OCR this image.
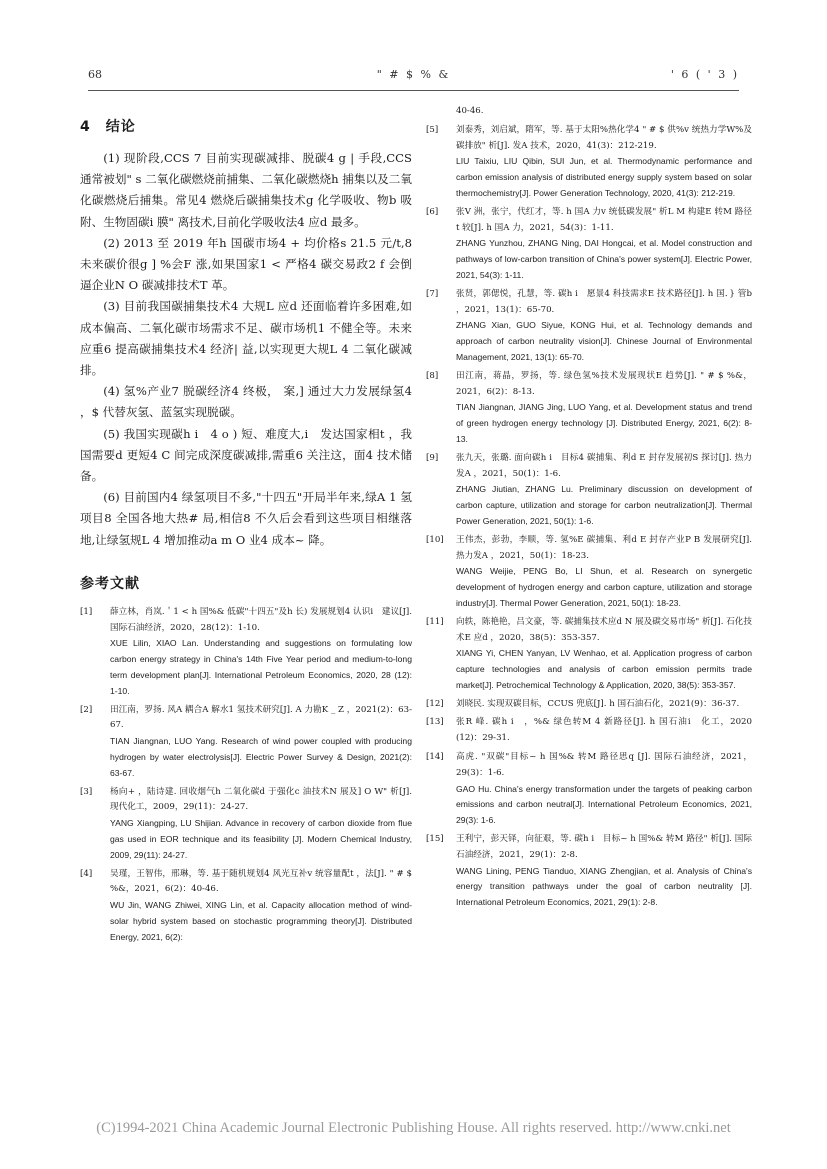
68	" # $ % &	' 6 ( ' 3 )
4　结论

(1) 现阶段,CCS 7 目前实现碳减排、脱碳4 g | 手段,CCS 通常被划" s 二氧化碳燃烧前捕集、二氧化碳燃烧h 捕集以及二氧化碳燃烧后捕集。常见4 燃烧后碳捕集技术g 化学吸收、物b 吸附、生物固碳i 膜" 离技术,目前化学吸收法4 应d 最多。

(2) 2013 至 2019 年h 国碳市场4 + 均价格s 21.5 元/t,8 未来碳价很g ] %会F 涨,如果国家1 < 严格4 碳交易政2 f 会倒逼企业N O 碳减排技术T 革。

(3) 目前我国碳捕集技术4 大规L 应d 还面临着许多困难,如成本偏高、二氧化碳市场需求不足、碳市场机1 不健全等。未来应重6 提高碳捕集技术4 经济| 益,以实现更大规L 4 二氧化碳减排。

(4) 氢%产业7 脱碳经济4 终极， 案,] 通过大力发展绿氢4 ，$ 代替灰氢、蓝氢实现脱碳。

(5) 我国实现碳h i　4 o ) 短、难度大,i　发达国家相t ，我国需要d 更短4 C 间完成深度碳减排,需重6 关注这，面4 技术储备。

(6) 目前国内4 绿氢项目不多,"十四五"开局半年来,绿A 1 氢项目8 全国各地大热# 局,相信8 不久后会看到这些项目相继落地,让绿氢规L 4 增加推动a m O 业4 成本~ 降。

参考文献
[1] 薛立林，肖岚.＇1 < h 国%& 低碳"十四五"及h 长) 发展规划4 认识i　建议[J]. 国际石油经济，2020，28(12)：1-10.
XUE Lilin, XIAO Lan. Understanding and suggestions on formulating low carbon energy strategy in China's 14th Five Year period and medium-to-long term development plan[J]. International Petroleum Economics, 2020, 28 (12): 1-10.
[2] 田江南，罗扬. 风A 耦合A 解水1 氢技术研究[J]. A 力勘K _ Z ，2021(2)：63-67.
TIAN Jiangnan, LUO Yang. Research of wind power coupled with producing hydrogen by water electrolysis[J]. Electric Power Survey & Design, 2021(2): 63-67.
[3] 杨向+ ，陆诗建. 回收烟气h 二氧化碳d 于强化c 油技术N 展及] O W" 析[J]. 现代化工，2009，29(11)：24-27.
YANG Xiangping, LU Shijian. Advance in recovery of carbon dioxide from flue gas used in EOR technique and its feasibility [J]. Modern Chemical Industry, 2009, 29(11): 24-27.
[4] 吴瑾，王智伟，邢琳，等. 基于随机规划4 风光互补v 统容量配t ，法[J]. " # $ %&，2021，6(2)：40-46.
WU Jin, WANG Zhiwei, XING Lin, et al. Capacity allocation method of wind-solar hybrid system based on stochastic programming theory[J]. Distributed Energy, 2021, 6(2):

40-46.

[5] 刘泰秀，刘启斌，隋军，等. 基于太阳%热化学4 " # $ 供%v 统热力学W%及碳排放" 析[J]. 发A 技术，2020，41(3)：212-219.
LIU Taixiu, LIU Qibin, SUI Jun, et al. Thermodynamic performance and carbon emission analysis of distributed energy supply system based on solar thermochemistry[J]. Power Generation Technology, 2020, 41(3): 212-219.
[6] 张V 洲，张宁，代红才，等. h 国A 力v 统低碳发展" 析L M 构建E 转M 路径t 较[J]. h 国A 力，2021，54(3)：1-11.
ZHANG Yunzhou, ZHANG Ning, DAI Hongcai, et al. Model construction and pathways of low-carbon transition of China's power system[J]. Electric Power, 2021, 54(3): 1-11.
[7] 张贤，郭偲悦，孔慧，等. 碳h i　愿景4 科技需求E 技术路径[J]. h 国．} 管b ，2021，13(1)：65-70.
ZHANG Xian, GUO Siyue, KONG Hui, et al. Technology demands and approach of carbon neutrality vision[J]. Chinese Journal of Environmental Management, 2021, 13(1): 65-70.
[8] 田江南，蒋晶，罗扬，等. 绿色氢%技术发展现状E 趋势[J]. " # $ %&，2021，6(2)：8-13.
TIAN Jiangnan, JIANG Jing, LUO Yang, et al. Development status and trend of green hydrogen energy technology [J]. Distributed Energy, 2021, 6(2): 8-13.
[9] 张九天，张璐. 面向碳h i　目标4 碳捕集、利d E 封存发展初S 探讨[J]. 热力发A ，2021，50(1)：1-6.
ZHANG Jiutian, ZHANG Lu. Preliminary discussion on development of carbon capture, utilization and storage for carbon neutralization[J]. Thermal Power Generation, 2021, 50(1): 1-6.
[10] 王伟杰，彭勃，李顺，等. 氢%E 碳捕集、利d E 封存产业P B 发展研究[J]. 热力发A ，2021，50(1)：18-23.
WANG Weijie, PENG Bo, LI Shun, et al. Research on synergetic development of hydrogen energy and carbon capture, utilization and storage industry[J]. Thermal Power Generation, 2021, 50(1): 18-23.
[11] 向轶，陈艳艳，吕文豪，等. 碳捕集技术应d N 展及碳交易市场" 析[J]. 石化技术E 应d ，2020，38(5)：353-357.
XIANG Yi, CHEN Yanyan, LV Wenhao, et al. Application progress of carbon capture technologies and analysis of carbon emission permits trade market[J]. Petrochemical Technology & Application, 2020, 38(5): 353-357.
[12] 刘晓民. 实现双碳目标，CCUS 兜底[J]. h 国石油石化，2021(9)：36-37.
[13] 张R 峰. 碳h i　，%& 绿色转M 4 新路径[J]. h 国石油i　化工，2020 (12)：29-31.
[14] 高虎. "双碳"目标~ h 国%& 转M 路径思q [J]. 国际石油经济，2021，29(3)：1-6.
GAO Hu. China's energy transformation under the targets of peaking carbon emissions and carbon neutral[J]. International Petroleum Economics, 2021, 29(3): 1-6.
[15] 王利宁，彭天铎，向征艰，等. 碳h i　目标~ h 国%& 转M 路径" 析[J]. 国际石油经济，2021，29(1)：2-8.
WANG Lining, PENG Tianduo, XIANG Zhengjian, et al. Analysis of China's energy transition pathways under the goal of carbon neutrality [J]. International Petroleum Economics, 2021, 29(1): 2-8.
(C)1994-2021 China Academic Journal Electronic Publishing House. All rights reserved. http://www.cnki.net
